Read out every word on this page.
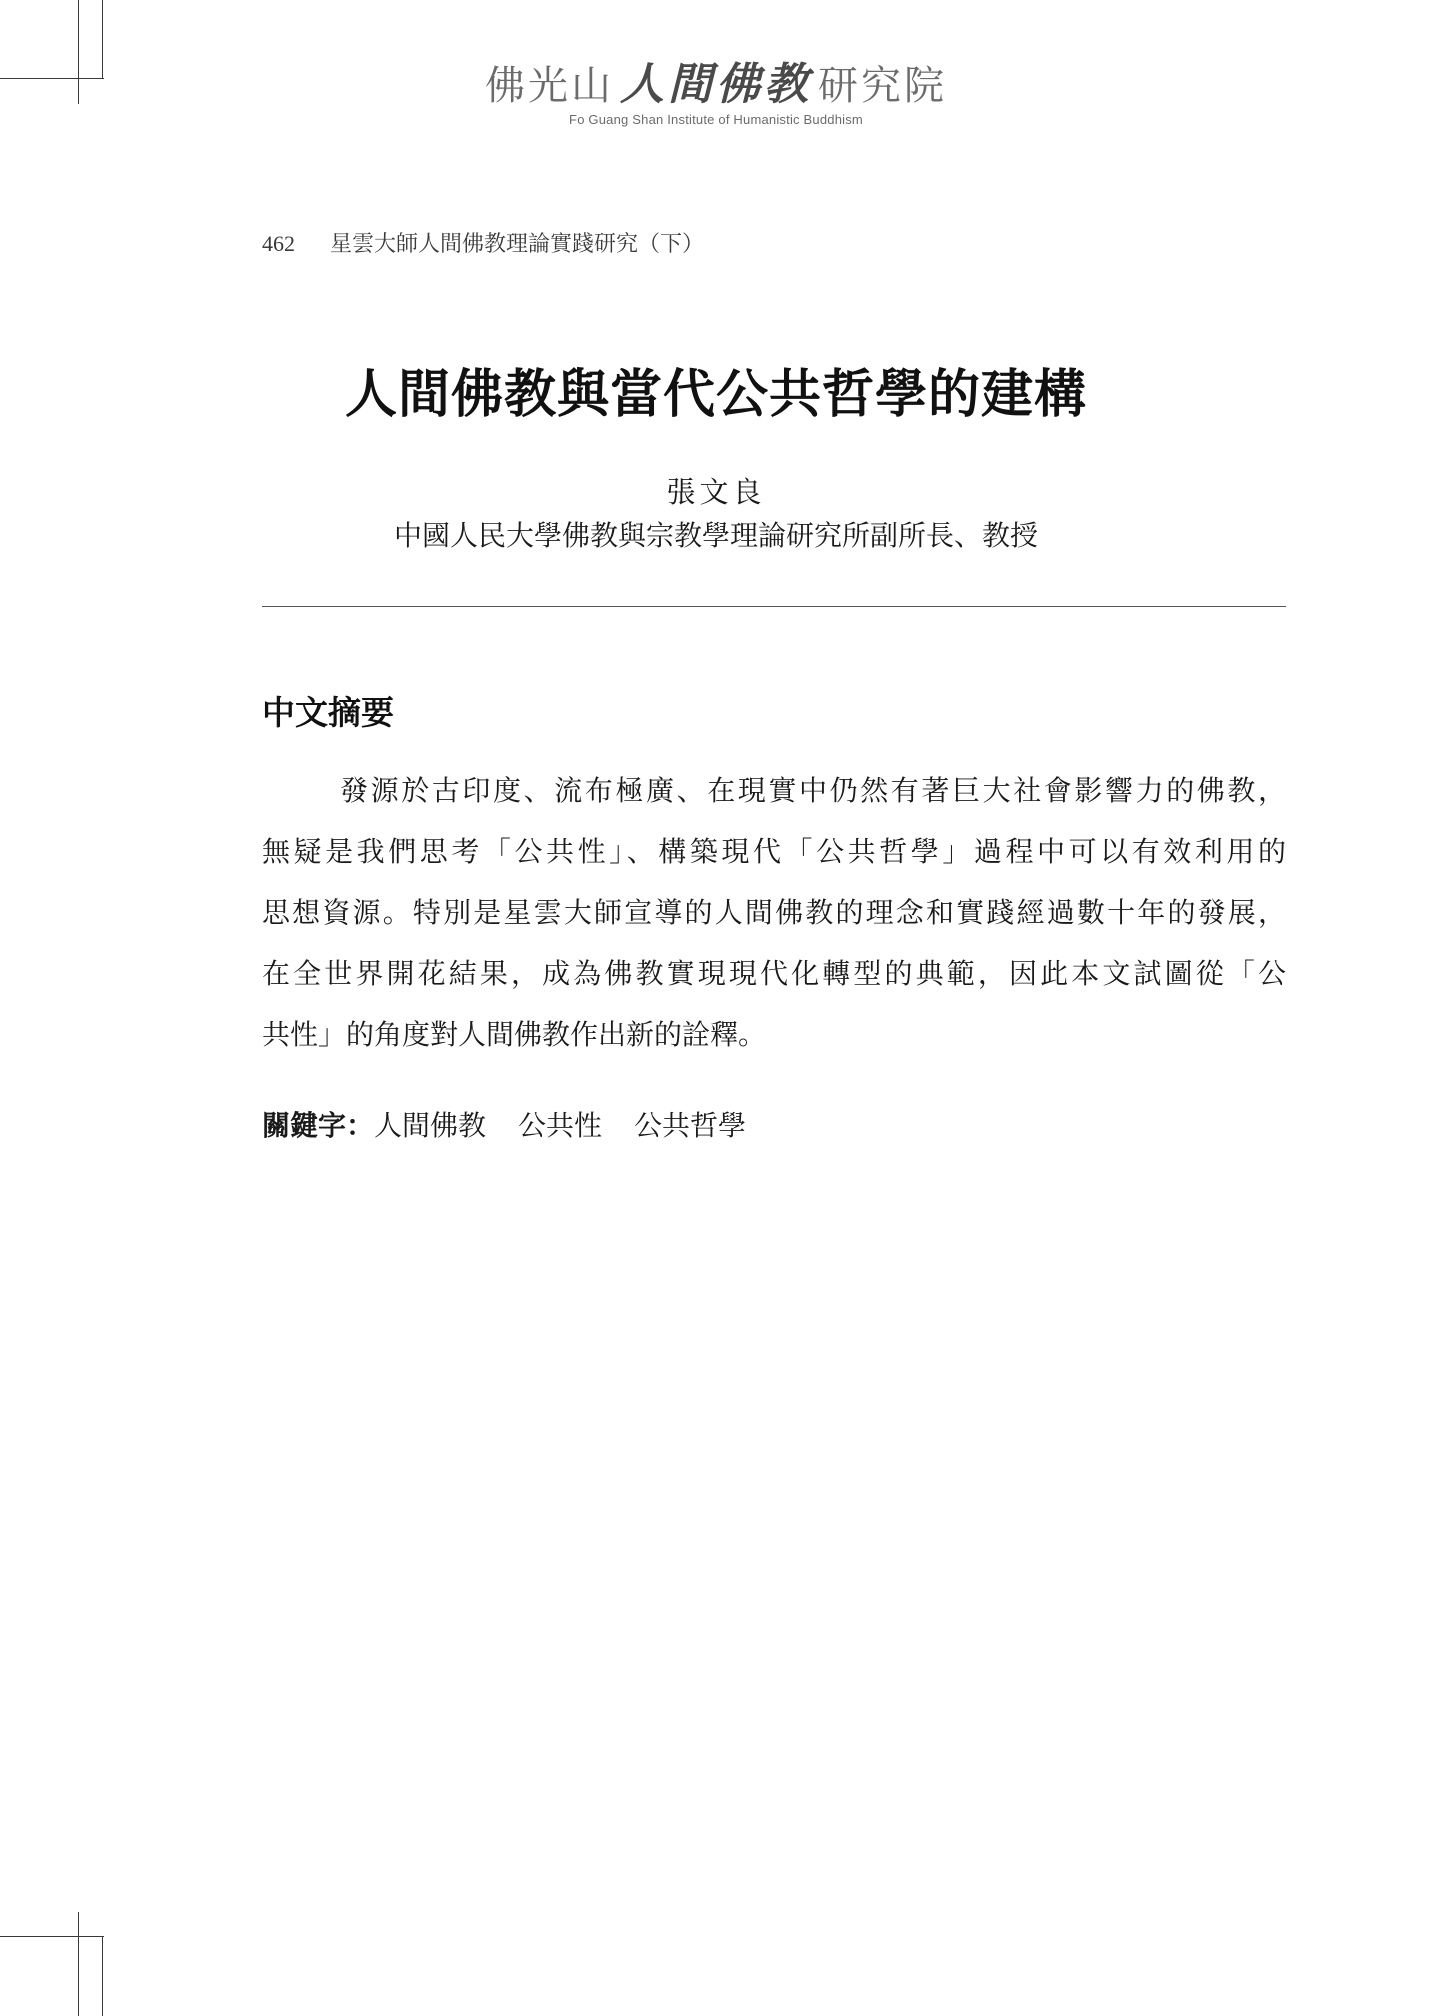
佛光山 人間佛教 研究院
Fo Guang Shan Institute of Humanistic Buddhism
462 星雲大師人間佛教理論實踐研究（下）
人間佛教與當代公共哲學的建構
張文良
中國人民大學佛教與宗教學理論研究所副所長、教授
中文摘要
發源於古印度、流布極廣、在現實中仍然有著巨大社會影響力的佛教，
無疑是我們思考「公共性」、構築現代「公共哲學」過程中可以有效利用的
思想資源。特別是星雲大師宣導的人間佛教的理念和實踐經過數十年的發展，
在全世界開花結果，成為佛教實現現代化轉型的典範，因此本文試圖從「公
共性」的角度對人間佛教作出新的詮釋。
關鍵字：人間佛教 公共性 公共哲學
